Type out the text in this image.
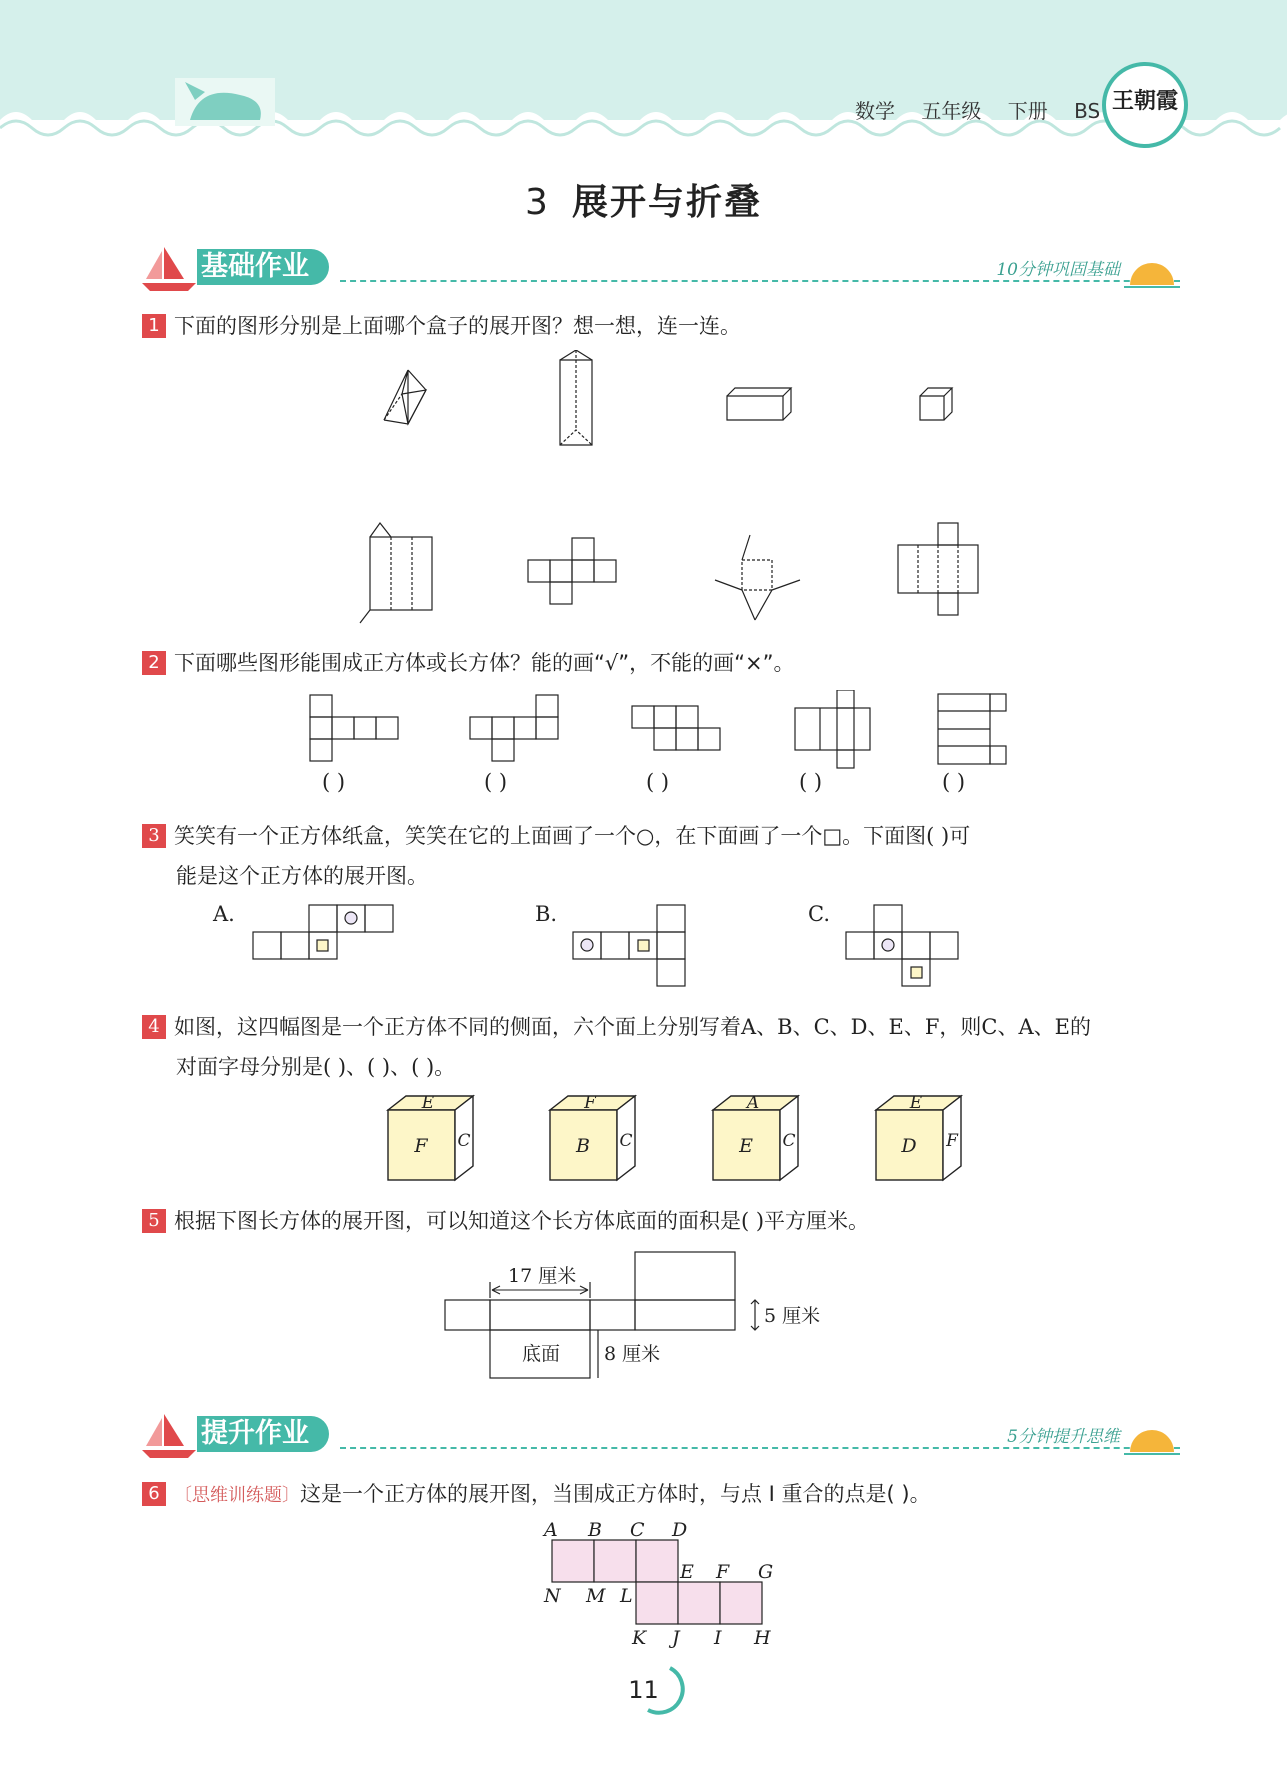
数学 五年级 下册 BS 王朝霞
3 展开与折叠
基础作业	10分钟巩固基础
1 下面的图形分别是上面哪个盒子的展开图？想一想，连一连。
2 下面哪些图形能围成正方体或长方体？能的画“√”，不能的画“×”。
( )	( )	( )	( )	( )
3 笑笑有一个正方体纸盒，笑笑在它的上面画了一个○，在下面画了一个□。下面图( )可
能是这个正方体的展开图。
A.	B.	C.
4 如图，这四幅图是一个正方体不同的侧面，六个面上分别写着A、B、C、D、E、F，则C、A、E的
对面字母分别是( )、( )、( )。
E
F C
F
B C
A
E C
E
D F
5 根据下图长方体的展开图，可以知道这个长方体底面的面积是( )平方厘米。
17 厘米
5 厘米
8 厘米
底面
提升作业	5分钟提升思维
6 〔思维训练题〕这是一个正方体的展开图，当围成正方体时，与点 I 重合的点是( )。
A B C D
E F G
N M L
K J I H
11
